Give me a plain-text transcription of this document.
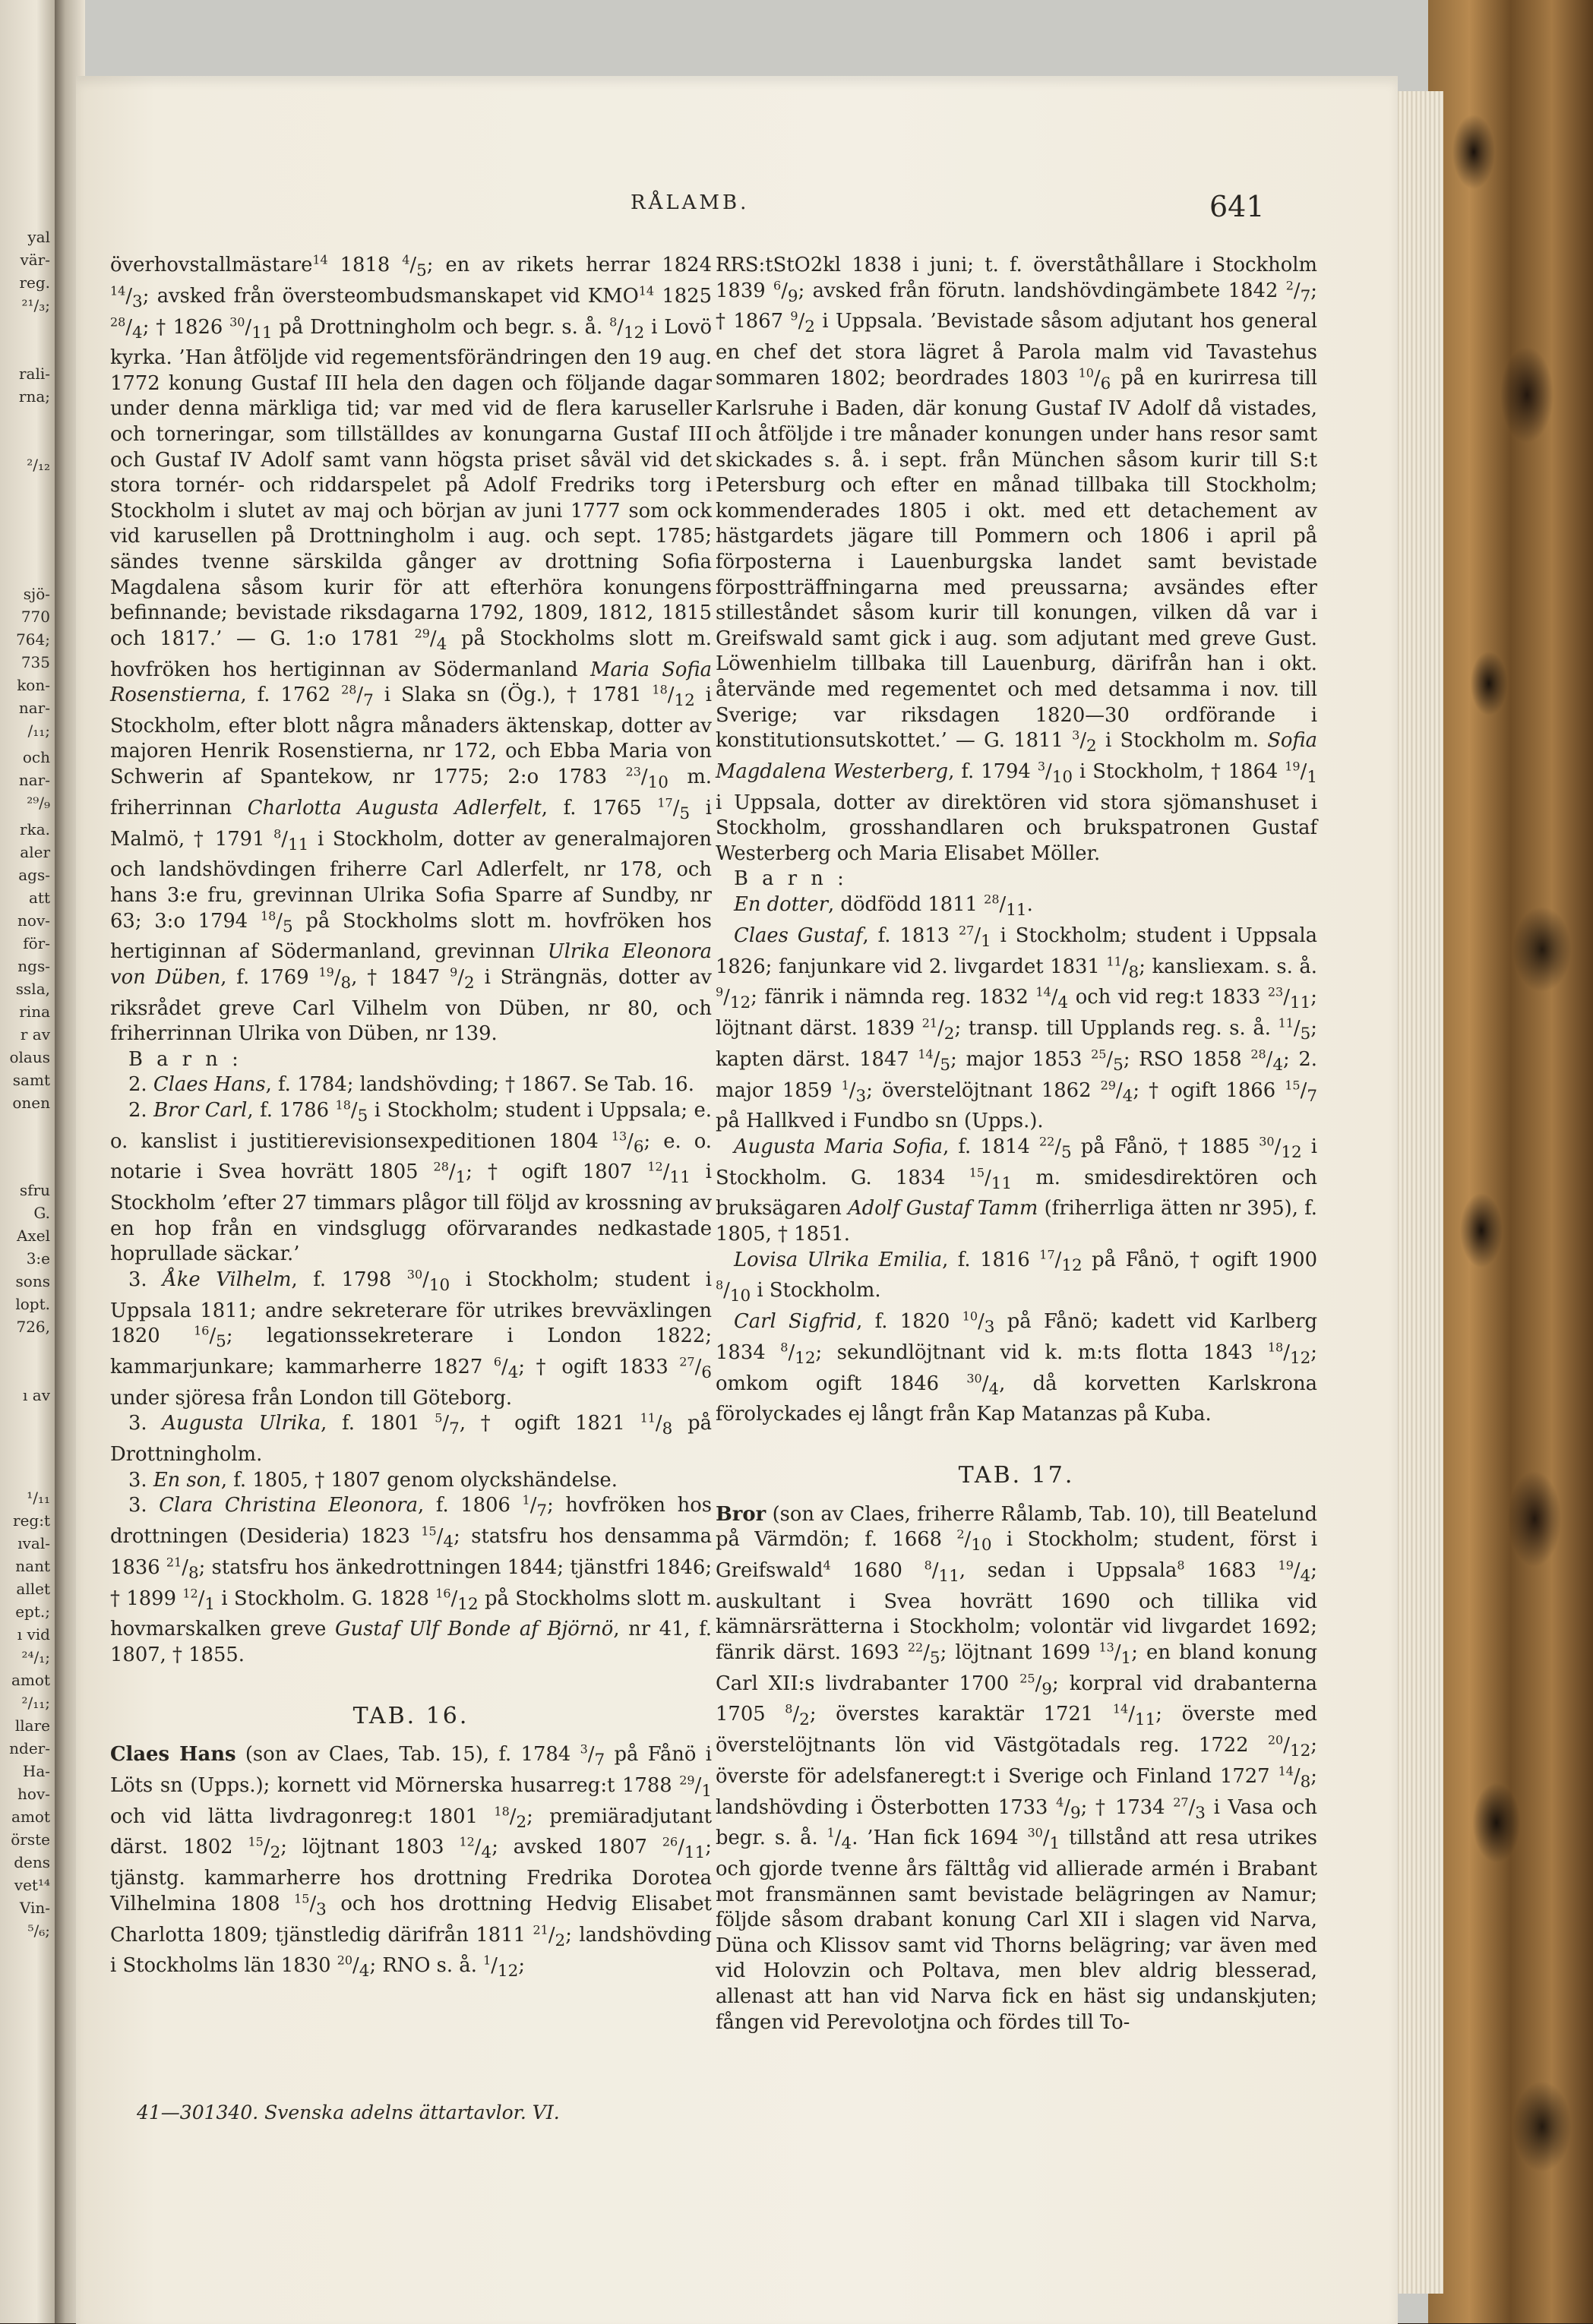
yal
vär-
reg.
²¹/₃;
rali-
rna;
²/₁₂
sjö-
770
764;
735
kon-
nar-
/₁₁;
och
nar-
²⁹/₉
rka.
aler
ags-
att
nov-
för-
ngs-
ssla,
rina
r av
olaus
samt
onen
sfru
G.
Axel
3:e
sons
lopt.
726,
ı av
¹/₁₁
reg:t
ıval-
nant
allet
ept.;
ı vid
²⁴/₁;
amot
²/₁₁;
llare
nder-
Ha-
hov-
amot
örste
dens
vet¹⁴
Vin-
⁵/₆;
RÅLAMB.	641

överhovstallmästare$^{14}$ 1818 $^4/_5$; en av rikets herrar 1824 $^{14}/_3$; avsked från översteombudsmanskapet vid KMO$^{14}$ 1825 $^{28}/_4$; † 1826 $^{30}/_{11}$ på Drottningholm och begr. s. å. $^8/_{12}$ i Lovö kyrka. ’Han åtföljde vid regementsförändringen den 19 aug. 1772 konung Gustaf III hela den dagen och följande dagar under denna märkliga tid; var med vid de flera karuseller och torneringar, som tillställdes av konungarna Gustaf III och Gustaf IV Adolf samt vann högsta priset såväl vid det stora tornér- och riddarspelet på Adolf Fredriks torg i Stockholm i slutet av maj och början av juni 1777 som ock vid karusellen på Drottningholm i aug. och sept. 1785; sändes tvenne särskilda gånger av drottning Sofia Magdalena såsom kurir för att efterhöra konungens befinnande; bevistade riksdagarna 1792, 1809, 1812, 1815 och 1817.’ — G. 1:o 1781 $^{29}/_4$ på Stockholms slott m. hovfröken hos hertiginnan av Södermanland Maria Sofia Rosenstierna, f. 1762 $^{28}/_7$ i Slaka sn (Ög.), † 1781 $^{18}/_{12}$ i Stockholm, efter blott några månaders äktenskap, dotter av majoren Henrik Rosenstierna, nr 172, och Ebba Maria von Schwerin af Spantekow, nr 1775; 2:o 1783 $^{23}/_{10}$ m. friherrinnan Charlotta Augusta Adlerfelt, f. 1765 $^{17}/_5$ i Malmö, † 1791 $^8/_{11}$ i Stockholm, dotter av generalmajoren och landshövdingen friherre Carl Adlerfelt, nr 178, och hans 3:e fru, grevinnan Ulrika Sofia Sparre af Sundby, nr 63; 3:o 1794 $^{18}/_5$ på Stockholms slott m. hovfröken hos hertiginnan af Södermanland, grevinnan Ulrika Eleonora von Düben, f. 1769 $^{19}/_8$, † 1847 $^9/_2$ i Strängnäs, dotter av riksrådet greve Carl Vilhelm von Düben, nr 80, och friherrinnan Ulrika von Düben, nr 139.

B a r n :

2. Claes Hans, f. 1784; landshövding; † 1867. Se Tab. 16.

2. Bror Carl, f. 1786 $^{18}/_5$ i Stockholm; student i Uppsala; e. o. kanslist i justitierevisionsexpeditionen 1804 $^{13}/_6$; e. o. notarie i Svea hovrätt 1805 $^{28}/_1$; † ogift 1807 $^{12}/_{11}$ i Stockholm ’efter 27 timmars plågor till följd av krossning av en hop från en vindsglugg oförvarandes nedkastade hoprullade säckar.’

3. Åke Vilhelm, f. 1798 $^{30}/_{10}$ i Stockholm; student i Uppsala 1811; andre sekreterare för utrikes brevväxlingen 1820 $^{16}/_5$; legationssekreterare i London 1822; kammarjunkare; kammarherre 1827 $^6/_4$; † ogift 1833 $^{27}/_6$ under sjöresa från London till Göteborg.

3. Augusta Ulrika, f. 1801 $^5/_7$, † ogift 1821 $^{11}/_8$ på Drottningholm.

3. En son, f. 1805, † 1807 genom olyckshändelse.

3. Clara Christina Eleonora, f. 1806 $^1/_7$; hovfröken hos drottningen (Desideria) 1823 $^{15}/_4$; statsfru hos densamma 1836 $^{21}/_8$; statsfru hos änkedrottningen 1844; tjänstfri 1846; † 1899 $^{12}/_1$ i Stockholm. G. 1828 $^{16}/_{12}$ på Stockholms slott m. hovmarskalken greve Gustaf Ulf Bonde af Björnö, nr 41, f. 1807, † 1855.

TAB. 16.

Claes Hans (son av Claes, Tab. 15), f. 1784 $^3/_7$ på Fånö i Löts sn (Upps.); kornett vid Mörnerska husarreg:t 1788 $^{29}/_1$ och vid lätta livdragonreg:t 1801 $^{18}/_2$; premiäradjutant därst. 1802 $^{15}/_2$; löjtnant 1803 $^{12}/_4$; avsked 1807 $^{26}/_{11}$; tjänstg. kammarherre hos drottning Fredrika Dorotea Vilhelmina 1808 $^{15}/_3$ och hos drottning Hedvig Elisabet Charlotta 1809; tjänstledig därifrån 1811 $^{21}/_2$; landshövding i Stockholms län 1830 $^{20}/_4$; RNO s. å. $^1/_{12}$;

RRS:tStO2kl 1838 i juni; t. f. överståthållare i Stockholm 1839 $^6/_9$; avsked från förutn. landshövdingämbete 1842 $^2/_7$; † 1867 $^9/_2$ i Uppsala. ’Bevistade såsom adjutant hos general en chef det stora lägret å Parola malm vid Tavastehus sommaren 1802; beordrades 1803 $^{10}/_6$ på en kurirresa till Karlsruhe i Baden, där konung Gustaf IV Adolf då vistades, och åtföljde i tre månader konungen under hans resor samt skickades s. å. i sept. från München såsom kurir till S:t Petersburg och efter en månad tillbaka till Stockholm; kommenderades 1805 i okt. med ett detachement av hästgardets jägare till Pommern och 1806 i april på förposterna i Lauenburgska landet samt bevistade förpostträffningarna med preussarna; avsändes efter stilleståndet såsom kurir till konungen, vilken då var i Greifswald samt gick i aug. som adjutant med greve Gust. Löwenhielm tillbaka till Lauenburg, därifrån han i okt. återvände med regementet och med detsamma i nov. till Sverige; var riksdagen 1820—30 ordförande i konstitutionsutskottet.’ — G. 1811 $^3/_2$ i Stockholm m. Sofia Magdalena Westerberg, f. 1794 $^3/_{10}$ i Stockholm, † 1864 $^{19}/_1$ i Uppsala, dotter av direktören vid stora sjömanshuset i Stockholm, grosshandlaren och brukspatronen Gustaf Westerberg och Maria Elisabet Möller.

B a r n :

En dotter, dödfödd 1811 $^{28}/_{11}$.

Claes Gustaf, f. 1813 $^{27}/_1$ i Stockholm; student i Uppsala 1826; fanjunkare vid 2. livgardet 1831 $^{11}/_8$; kansliexam. s. å. $^9/_{12}$; fänrik i nämnda reg. 1832 $^{14}/_4$ och vid reg:t 1833 $^{23}/_{11}$; löjtnant därst. 1839 $^{21}/_2$; transp. till Upplands reg. s. å. $^{11}/_5$; kapten därst. 1847 $^{14}/_5$; major 1853 $^{25}/_5$; RSO 1858 $^{28}/_4$; 2. major 1859 $^1/_3$; överstelöjtnant 1862 $^{29}/_4$; † ogift 1866 $^{15}/_7$ på Hallkved i Fundbo sn (Upps.).

Augusta Maria Sofia, f. 1814 $^{22}/_5$ på Fånö, † 1885 $^{30}/_{12}$ i Stockholm. G. 1834 $^{15}/_{11}$ m. smidesdirektören och bruksägaren Adolf Gustaf Tamm (friherrliga ätten nr 395), f. 1805, † 1851.

Lovisa Ulrika Emilia, f. 1816 $^{17}/_{12}$ på Fånö, † ogift 1900 $^8/_{10}$ i Stockholm.

Carl Sigfrid, f. 1820 $^{10}/_3$ på Fånö; kadett vid Karlberg 1834 $^8/_{12}$; sekundlöjtnant vid k. m:ts flotta 1843 $^{18}/_{12}$; omkom ogift 1846 $^{30}/_4$, då korvetten Karlskrona förolyckades ej långt från Kap Matanzas på Kuba.

TAB. 17.

Bror (son av Claes, friherre Rålamb, Tab. 10), till Beatelund på Värmdön; f. 1668 $^2/_{10}$ i Stockholm; student, först i Greifswald$^4$ 1680 $^8/_{11}$, sedan i Uppsala$^8$ 1683 $^{19}/_4$; auskultant i Svea hovrätt 1690 och tillika vid kämnärsrätterna i Stockholm; volontär vid livgardet 1692; fänrik därst. 1693 $^{22}/_5$; löjtnant 1699 $^{13}/_1$; en bland konung Carl XII:s livdrabanter 1700 $^{25}/_9$; korpral vid drabanterna 1705 $^8/_2$; överstes karaktär 1721 $^{14}/_{11}$; överste med överstelöjtnants lön vid Västgötadals reg. 1722 $^{20}/_{12}$; överste för adelsfaneregt:t i Sverige och Finland 1727 $^{14}/_8$; landshövding i Österbotten 1733 $^4/_9$; † 1734 $^{27}/_3$ i Vasa och begr. s. å. $^1/_4$. ’Han fick 1694 $^{30}/_1$ tillstånd att resa utrikes och gjorde tvenne års fälttåg vid allierade armén i Brabant mot fransmännen samt bevistade belägringen av Namur; följde såsom drabant konung Carl XII i slagen vid Narva, Düna och Klissov samt vid Thorns belägring; var även med vid Holovzin och Poltava, men blev aldrig blesserad, allenast att han vid Narva fick en häst sig undanskjuten; fången vid Perevolotjna och fördes till To-

41—301340. Svenska adelns ättartavlor. VI.
